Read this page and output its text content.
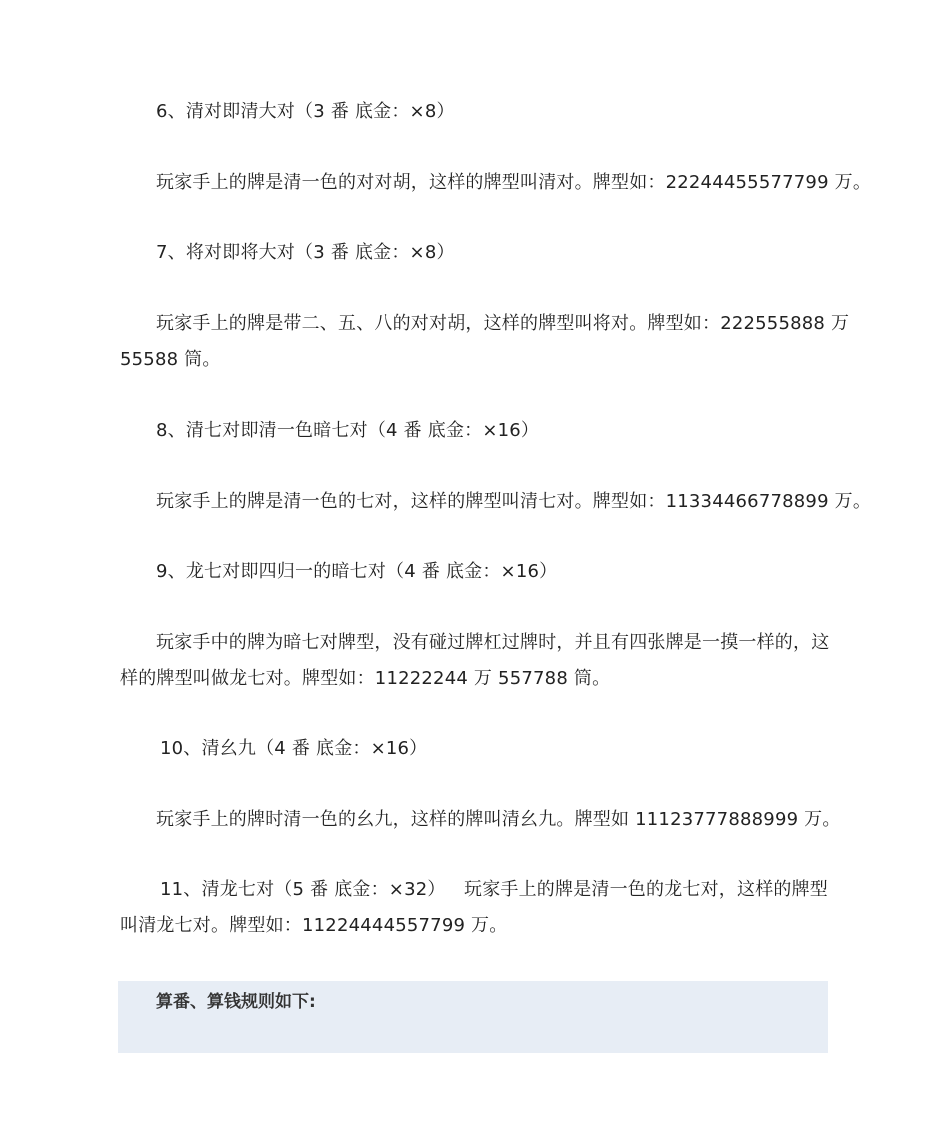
6、清对即清大对（3 番 底金：×8）
玩家手上的牌是清一色的对对胡，这样的牌型叫清对。牌型如：22244455577799 万。
7、将对即将大对（3 番 底金：×8）
玩家手上的牌是带二、五、八的对对胡，这样的牌型叫将对。牌型如：222555888 万
55588 筒。
8、清七对即清一色暗七对（4 番 底金：×16）
玩家手上的牌是清一色的七对，这样的牌型叫清七对。牌型如：11334466778899 万。
9、龙七对即四归一的暗七对（4 番 底金：×16）
玩家手中的牌为暗七对牌型，没有碰过牌杠过牌时，并且有四张牌是一摸一样的，这
样的牌型叫做龙七对。牌型如：11222244 万 557788 筒。
10、清幺九（4 番 底金：×16）
玩家手上的牌时清一色的幺九，这样的牌叫清幺九。牌型如 11123777888999 万。
11、清龙七对（5 番 底金：×32） 玩家手上的牌是清一色的龙七对，这样的牌型
叫清龙七对。牌型如：11224444557799 万。
算番、算钱规则如下:
